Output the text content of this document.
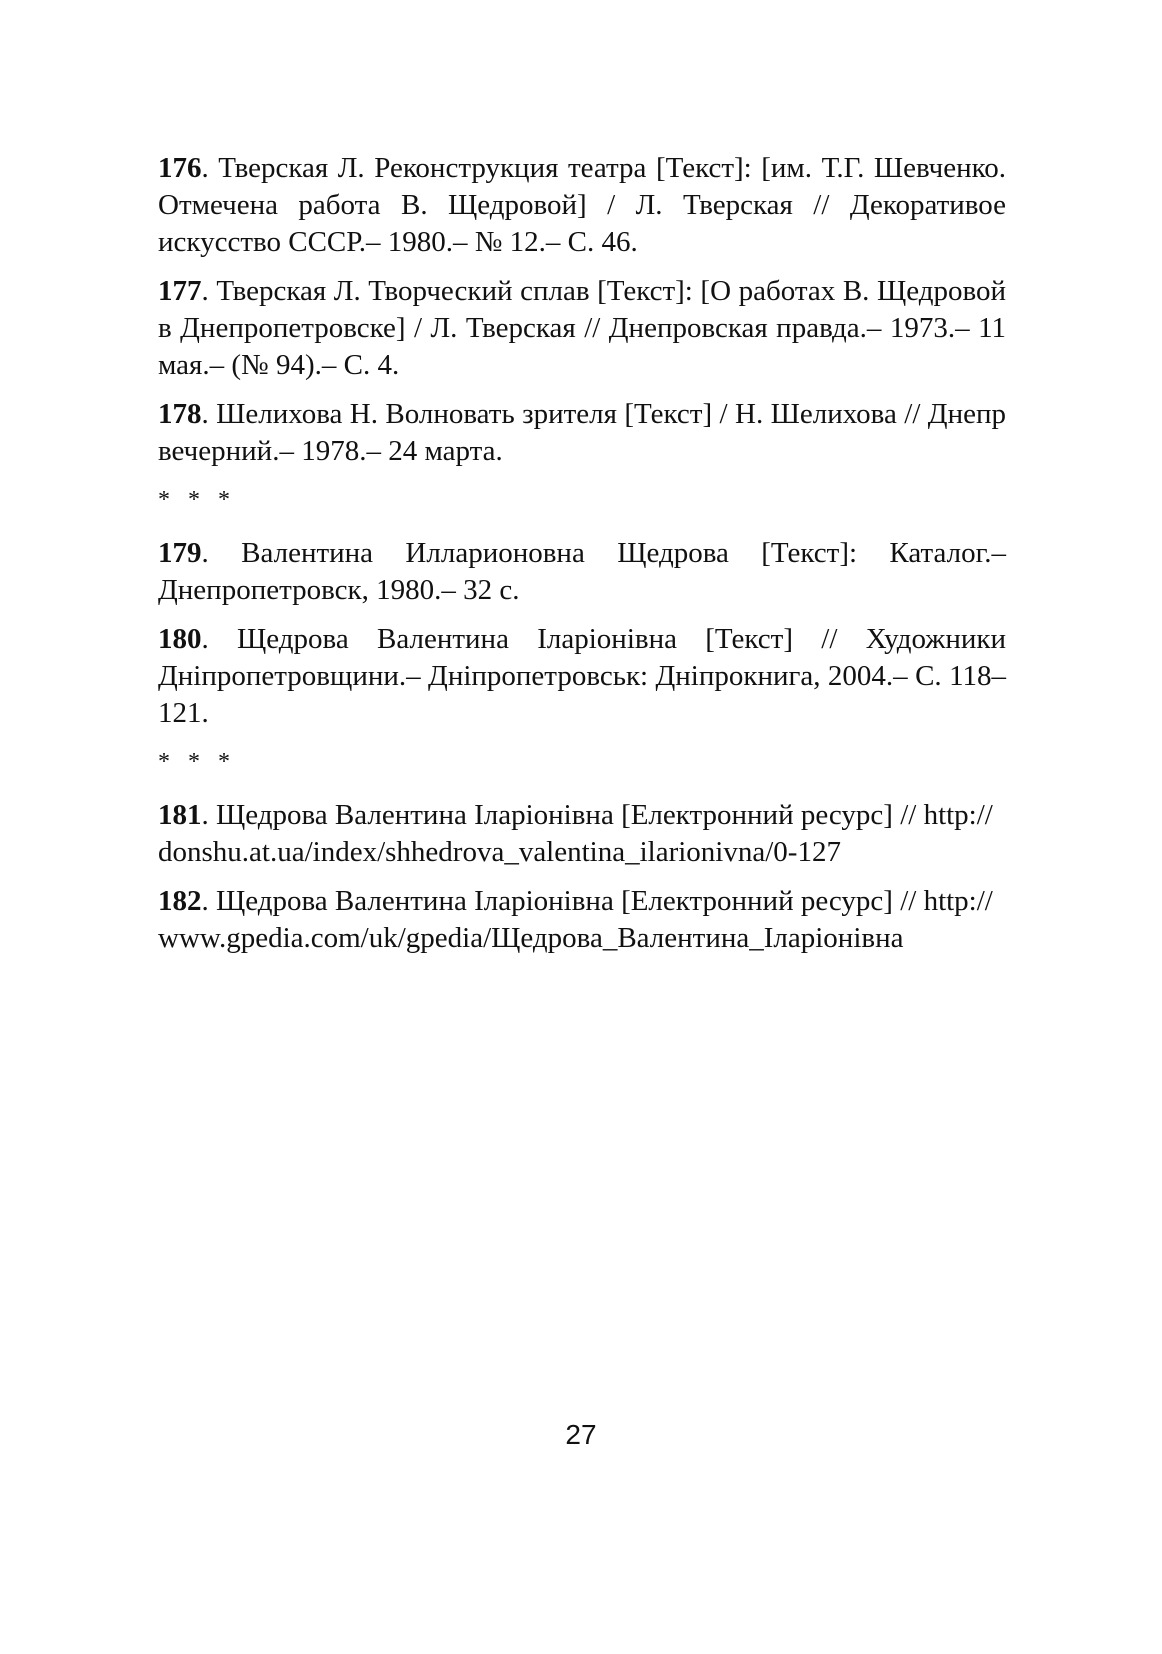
176. Тверская Л. Реконструкция театра [Текст]: [им. Т.Г. Шевченко. Отмечена работа В. Щедровой] / Л. Тверская // Декоративое искусство СССР.– 1980.– № 12.– С. 46.

177. Тверская Л. Творческий сплав [Текст]: [О работах В. Щедровой в Днепропетровске] / Л. Тверская // Днепровская правда.– 1973.– 11 мая.– (№ 94).– С. 4.

178. Шелихова Н. Волновать зрителя [Текст] / Н. Шелихова // Днепр вечерний.– 1978.– 24 марта.

* * *

179. Валентина Илларионовна Щедрова [Текст]: Каталог.– Днепропетровск, 1980.– 32 с.

180. Щедрова Валентина Іларіонівна [Текст] // Художники Дніпропетровщини.– Дніпропетровськ: Дніпрокнига, 2004.– С. 118–121.

* * *

181. Щедрова Валентина Іларіонівна [Електронний ресурс] // http://donshu.at.ua/index/shhedrova_valentina_ilarionivna/0-127

182. Щедрова Валентина Іларіонівна [Електронний ресурс] // http://www.gpedia.com/uk/gpedia/Щедрова_Валентина_Іларіонівна

27
